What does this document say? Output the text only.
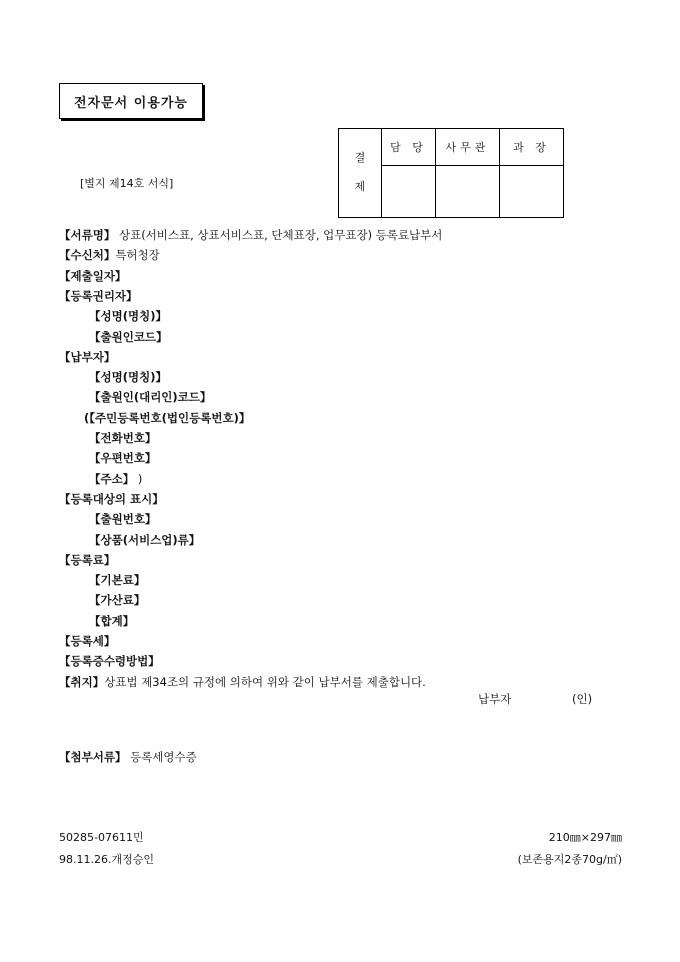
전자문서 이용가능
[별지 제14호 서식]
결
제	담 당	사무관	과 장

【서류명】 상표(서비스표, 상표서비스표, 단체표장, 업무표장) 등록료납부서
【수신처】특허청장
【제출일자】
【등록권리자】
【성명(명칭)】
【출원인코드】
【납부자】
【성명(명칭)】
【출원인(대리인)코드】
(【주민등록번호(법인등록번호)】
【전화번호】
【우편번호】
【주소】 )
【등록대상의 표시】
【출원번호】
【상품(서비스업)류】
【등록료】
【기본료】
【가산료】
【합계】
【등록세】
【등록증수령방법】
【취지】상표법 제34조의 규정에 의하여 위와 같이 납부서를 제출합니다.
납부자	(인)
【첨부서류】 등록세영수증
50285-07611민
98.11.26.개정승인
210㎜×297㎜
(보존용지2종70g/㎡)
